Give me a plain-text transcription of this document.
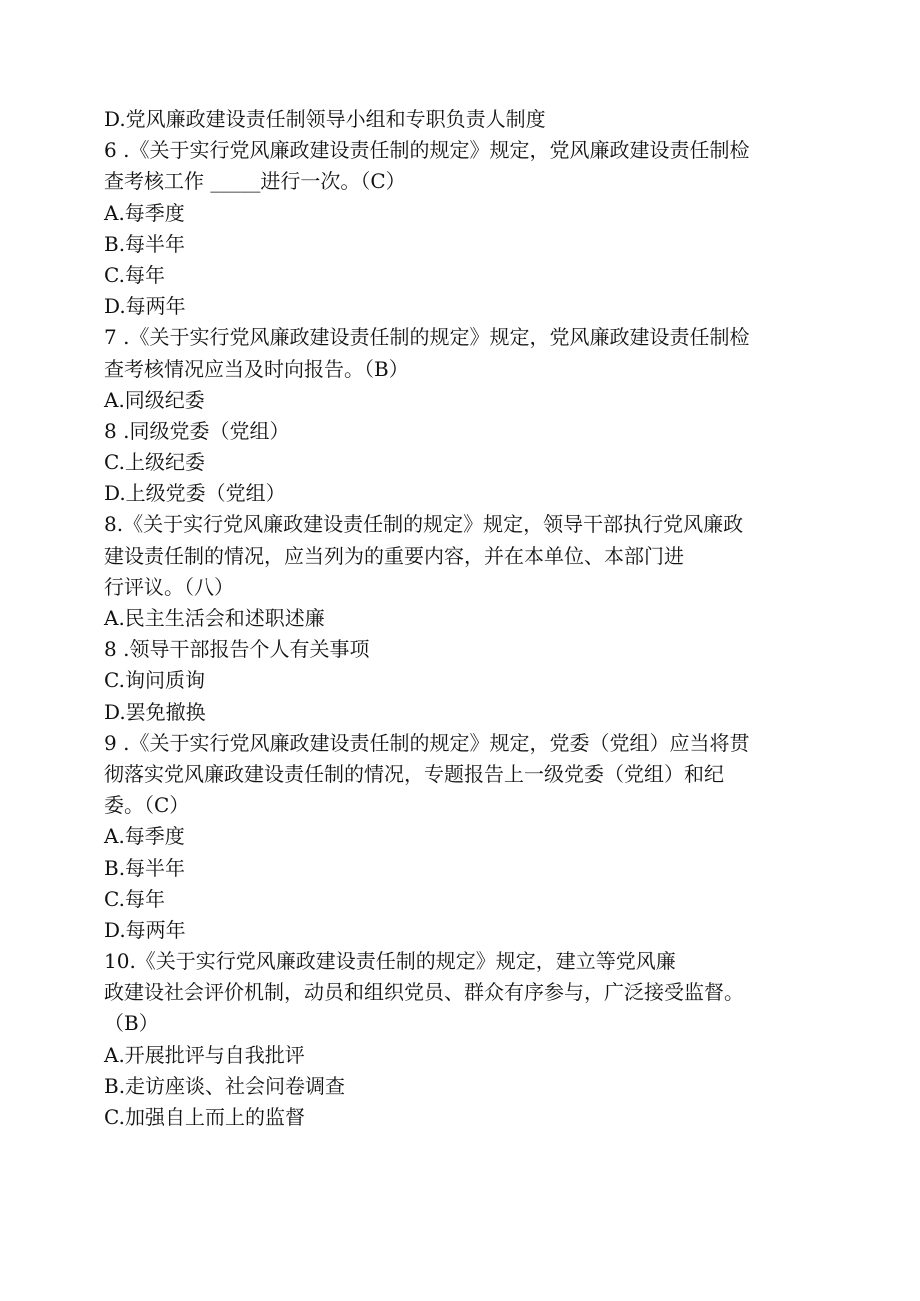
D.党风廉政建设责任制领导小组和专职负责人制度
6 .《关于实行党风廉政建设责任制的规定》规定，党风廉政建设责任制检
查考核工作 _____进行一次。（C）
A.每季度
B.每半年
C.每年
D.每两年
7 .《关于实行党风廉政建设责任制的规定》规定，党风廉政建设责任制检
查考核情况应当及时向报告。（B）
A.同级纪委
8 .同级党委（党组）
C.上级纪委
D.上级党委（党组）
8.《关于实行党风廉政建设责任制的规定》规定，领导干部执行党风廉政
建设责任制的情况，应当列为的重要内容，并在本单位、本部门进
行评议。（八）
A.民主生活会和述职述廉
8 .领导干部报告个人有关事项
C.询问质询
D.罢免撤换
9 .《关于实行党风廉政建设责任制的规定》规定，党委（党组）应当将贯
彻落实党风廉政建设责任制的情况，专题报告上一级党委（党组）和纪
委。（C）
A.每季度
B.每半年
C.每年
D.每两年
10.《关于实行党风廉政建设责任制的规定》规定，建立等党风廉
政建设社会评价机制，动员和组织党员、群众有序参与，广泛接受监督。
（B）
A.开展批评与自我批评
B.走访座谈、社会问卷调查
C.加强自上而上的监督
